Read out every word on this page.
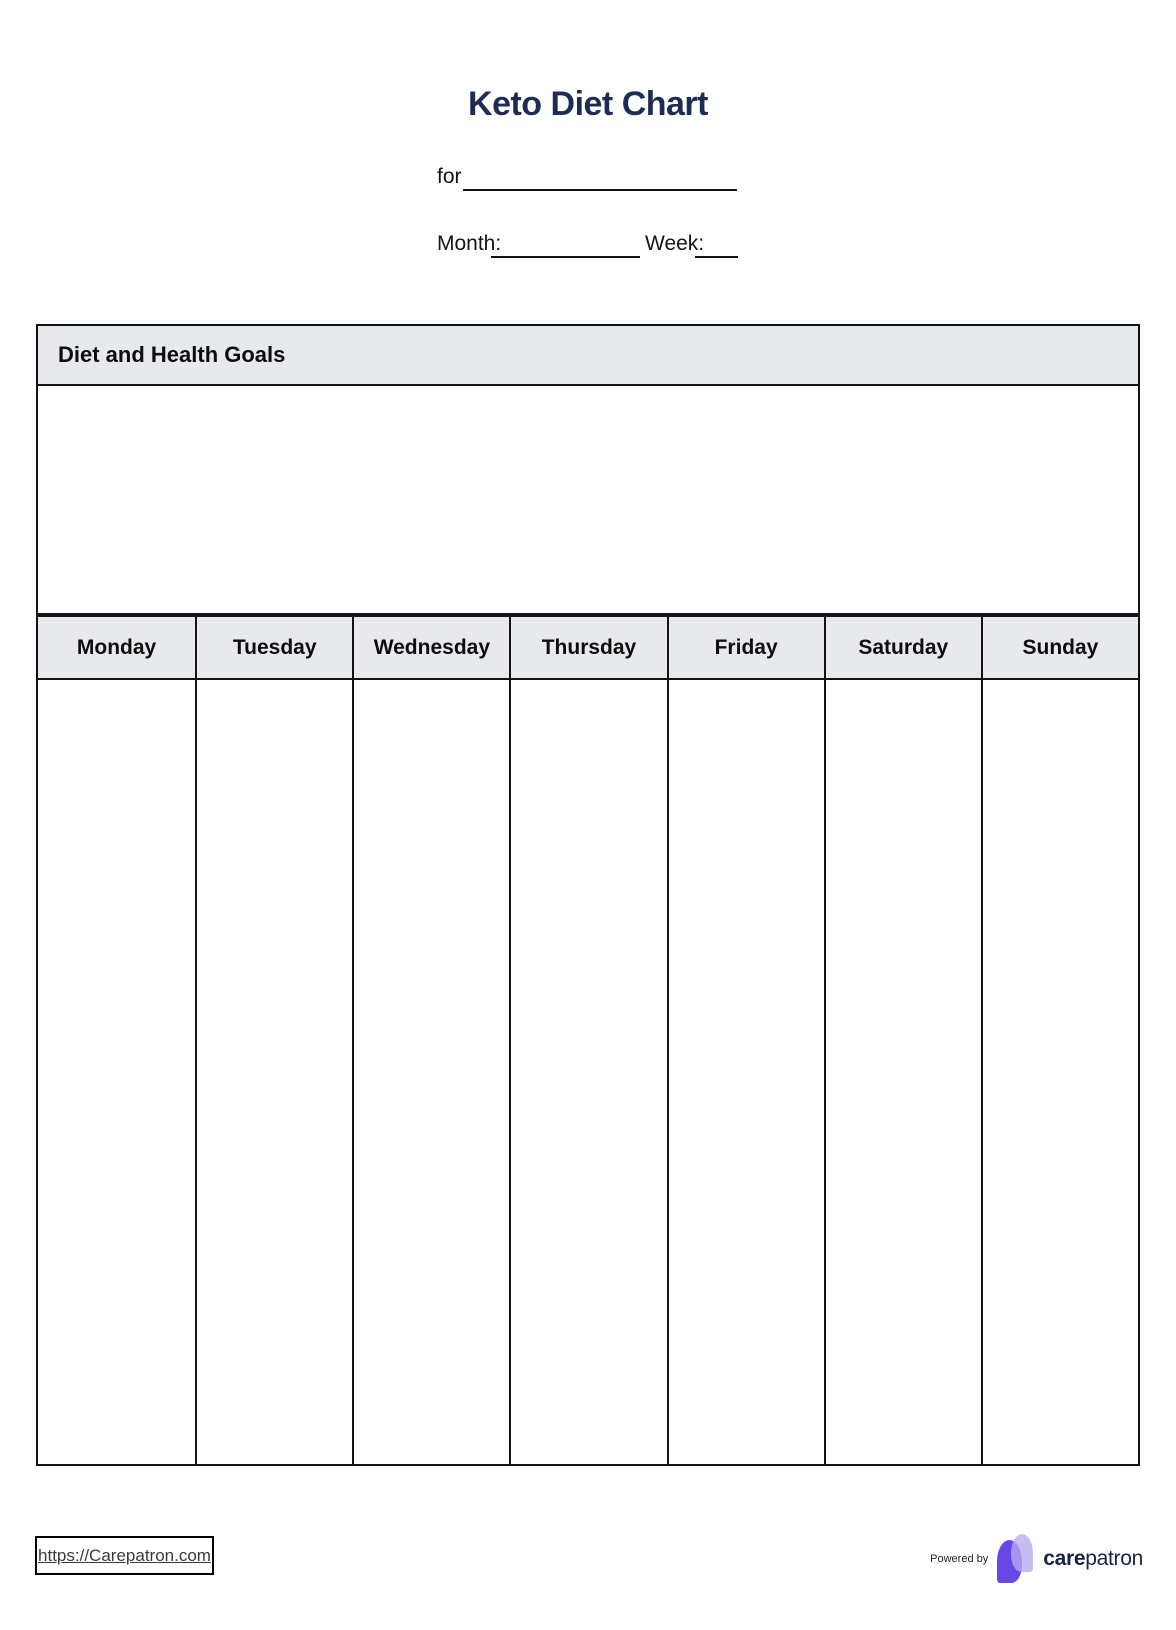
Keto Diet Chart
for
Month:	Week:
Diet and Health Goals
Monday	Tuesday	Wednesday	Thursday	Friday	Saturday	Sunday
https://Carepatron.com	Powered by	carepatron
